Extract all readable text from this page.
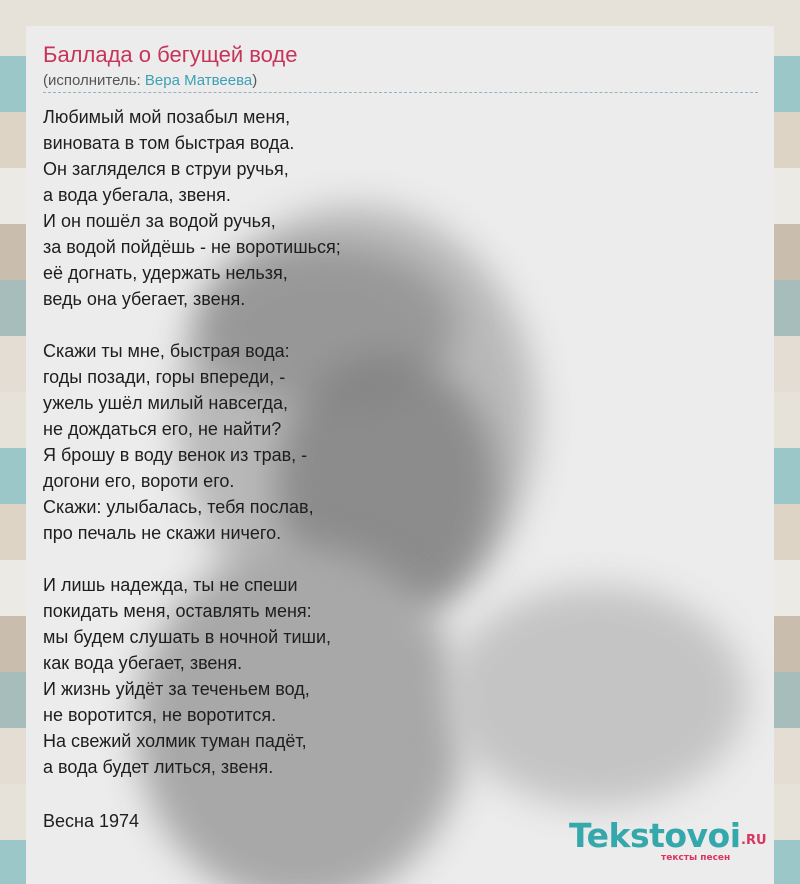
Баллада о бегущей воде
(исполнитель: Вера Матвеева)
Любимый мой позабыл меня,
виновата в том быстрая вода.
Он загляделся в струи ручья,
а вода убегала, звеня.
И он пошёл за водой ручья,
за водой пойдёшь - не воротишься;
её догнать, удержать нельзя,
ведь она убегает, звеня.
Скажи ты мне, быстрая вода:
годы позади, горы впереди, -
ужель ушёл милый навсегда,
не дождаться его, не найти?
Я брошу в воду венок из трав, -
догони его, вороти его.
Скажи: улыбалась, тебя послав,
про печаль не скажи ничего.
И лишь надежда, ты не спеши
покидать меня, оставлять меня:
мы будем слушать в ночной тиши,
как вода убегает, звеня.
И жизнь уйдёт за теченьем вод,
не воротится, не воротится.
На свежий холмик туман падёт,
а вода будет литься, звеня.
Весна 1974	Tekstovoi .RU
тексты песен
